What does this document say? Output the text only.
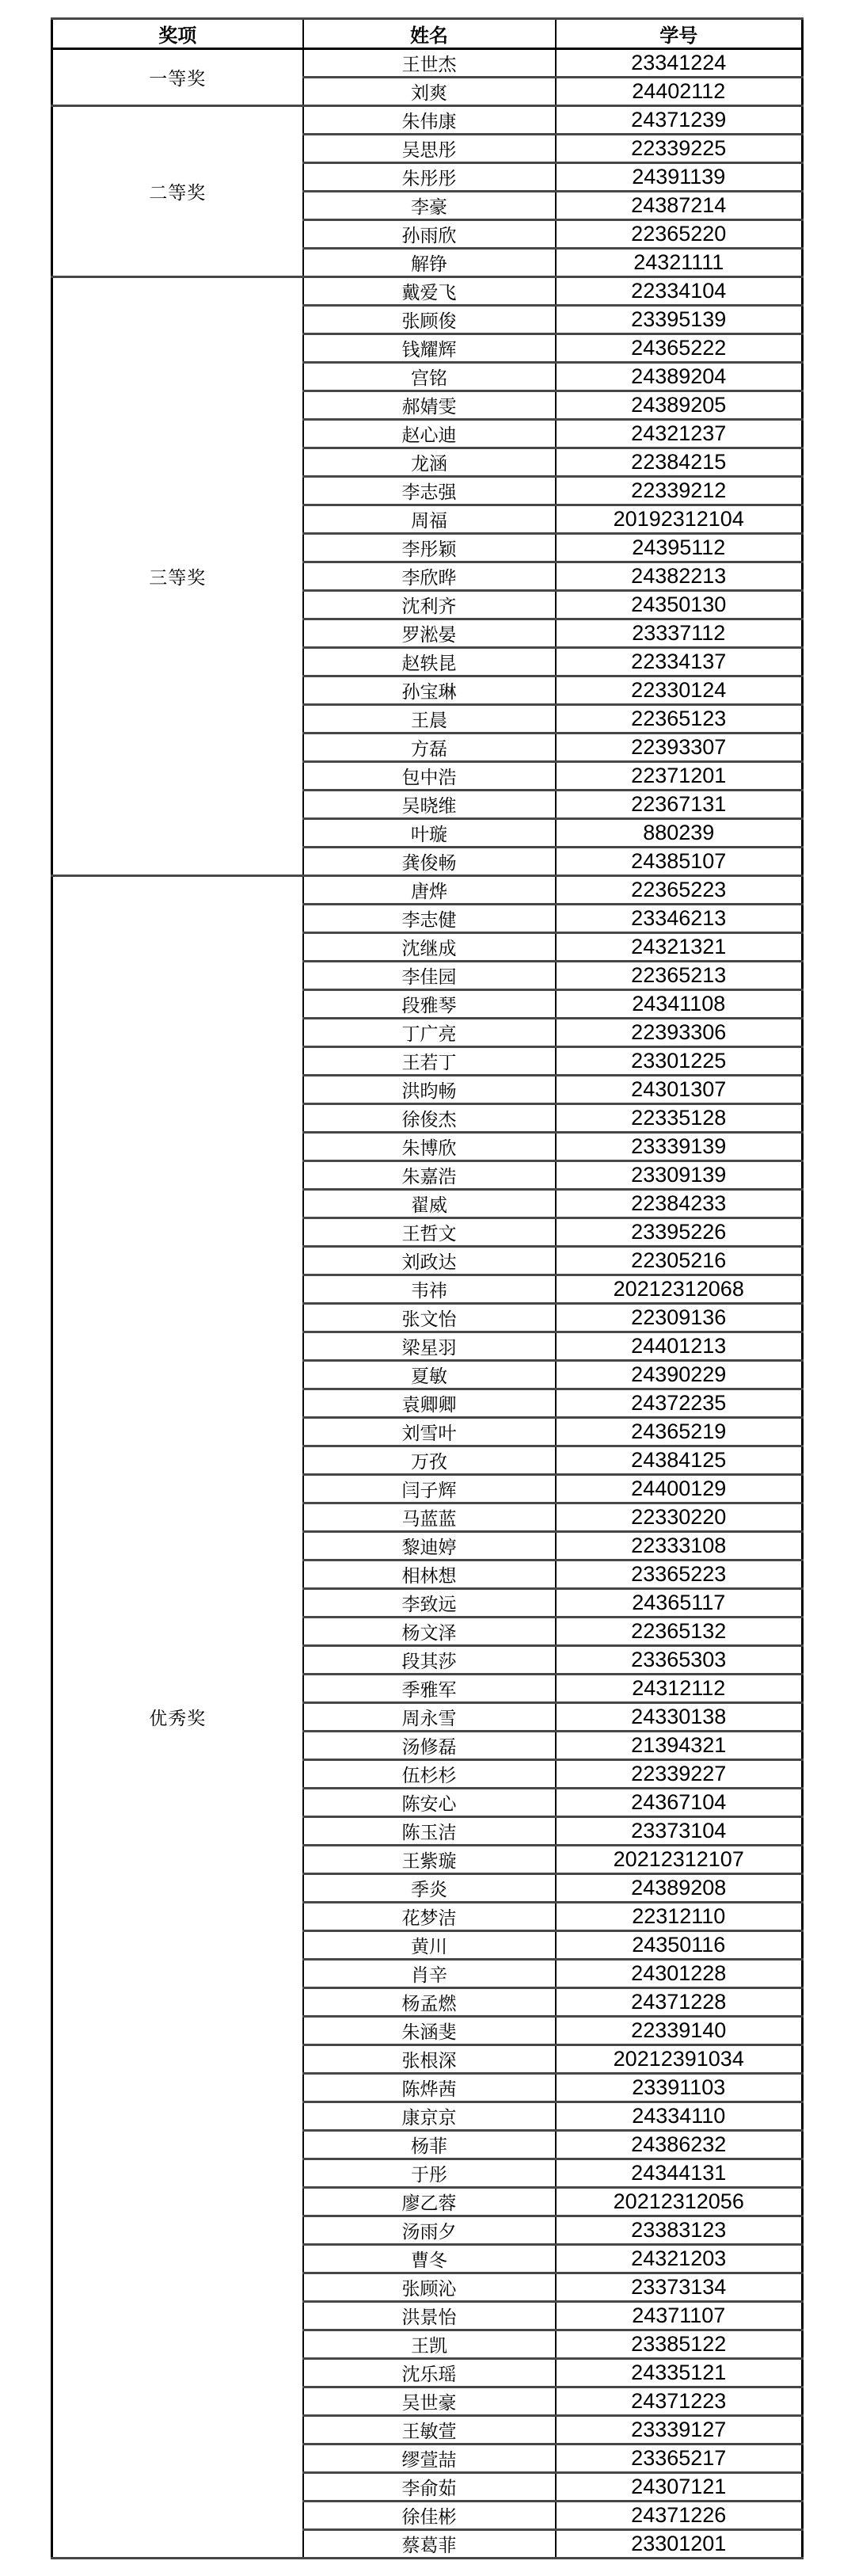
奖项	姓名	学号
一等奖	王世杰	23341224
	刘爽	24402112
二等奖	朱伟康	24371239
	吴思彤	22339225
	朱彤彤	24391139
	李豪	24387214
	孙雨欣	22365220
	解铮	24321111
三等奖	戴爱飞	22334104
	张顾俊	23395139
	钱耀辉	24365222
	宫铭	24389204
	郝婧雯	24389205
	赵心迪	24321237
	龙涵	22384215
	李志强	22339212
	周福	20192312104
	李彤颖	24395112
	李欣晔	24382213
	沈利齐	24350130
	罗淞晏	23337112
	赵轶昆	22334137
	孙宝琳	22330124
	王晨	22365123
	方磊	22393307
	包中浩	22371201
	吴晓维	22367131
	叶璇	880239
	龚俊畅	24385107
优秀奖	唐烨	22365223
	李志健	23346213
	沈继成	24321321
	李佳园	22365213
	段雅琴	24341108
	丁广亮	22393306
	王若丁	23301225
	洪昀畅	24301307
	徐俊杰	22335128
	朱博欣	23339139
	朱嘉浩	23309139
	翟威	22384233
	王哲文	23395226
	刘政达	22305216
	韦祎	20212312068
	张文怡	22309136
	梁星羽	24401213
	夏敏	24390229
	袁卿卿	24372235
	刘雪叶	24365219
	万孜	24384125
	闫子辉	24400129
	马蓝蓝	22330220
	黎迪婷	22333108
	相林想	23365223
	李致远	24365117
	杨文泽	22365132
	段其莎	23365303
	季雅军	24312112
	周永雪	24330138
	汤修磊	21394321
	伍杉杉	22339227
	陈安心	24367104
	陈玉洁	23373104
	王紫璇	20212312107
	季炎	24389208
	花梦洁	22312110
	黄川	24350116
	肖辛	24301228
	杨孟燃	24371228
	朱涵斐	22339140
	张根深	20212391034
	陈烨茜	23391103
	康京京	24334110
	杨菲	24386232
	于彤	24344131
	廖乙蓉	20212312056
	汤雨夕	23383123
	曹冬	24321203
	张顾沁	23373134
	洪景怡	24371107
	王凯	23385122
	沈乐瑶	24335121
	吴世豪	24371223
	王敏萱	23339127
	缪萱喆	23365217
	李俞茹	24307121
	徐佳彬	24371226
	蔡葛菲	23301201
